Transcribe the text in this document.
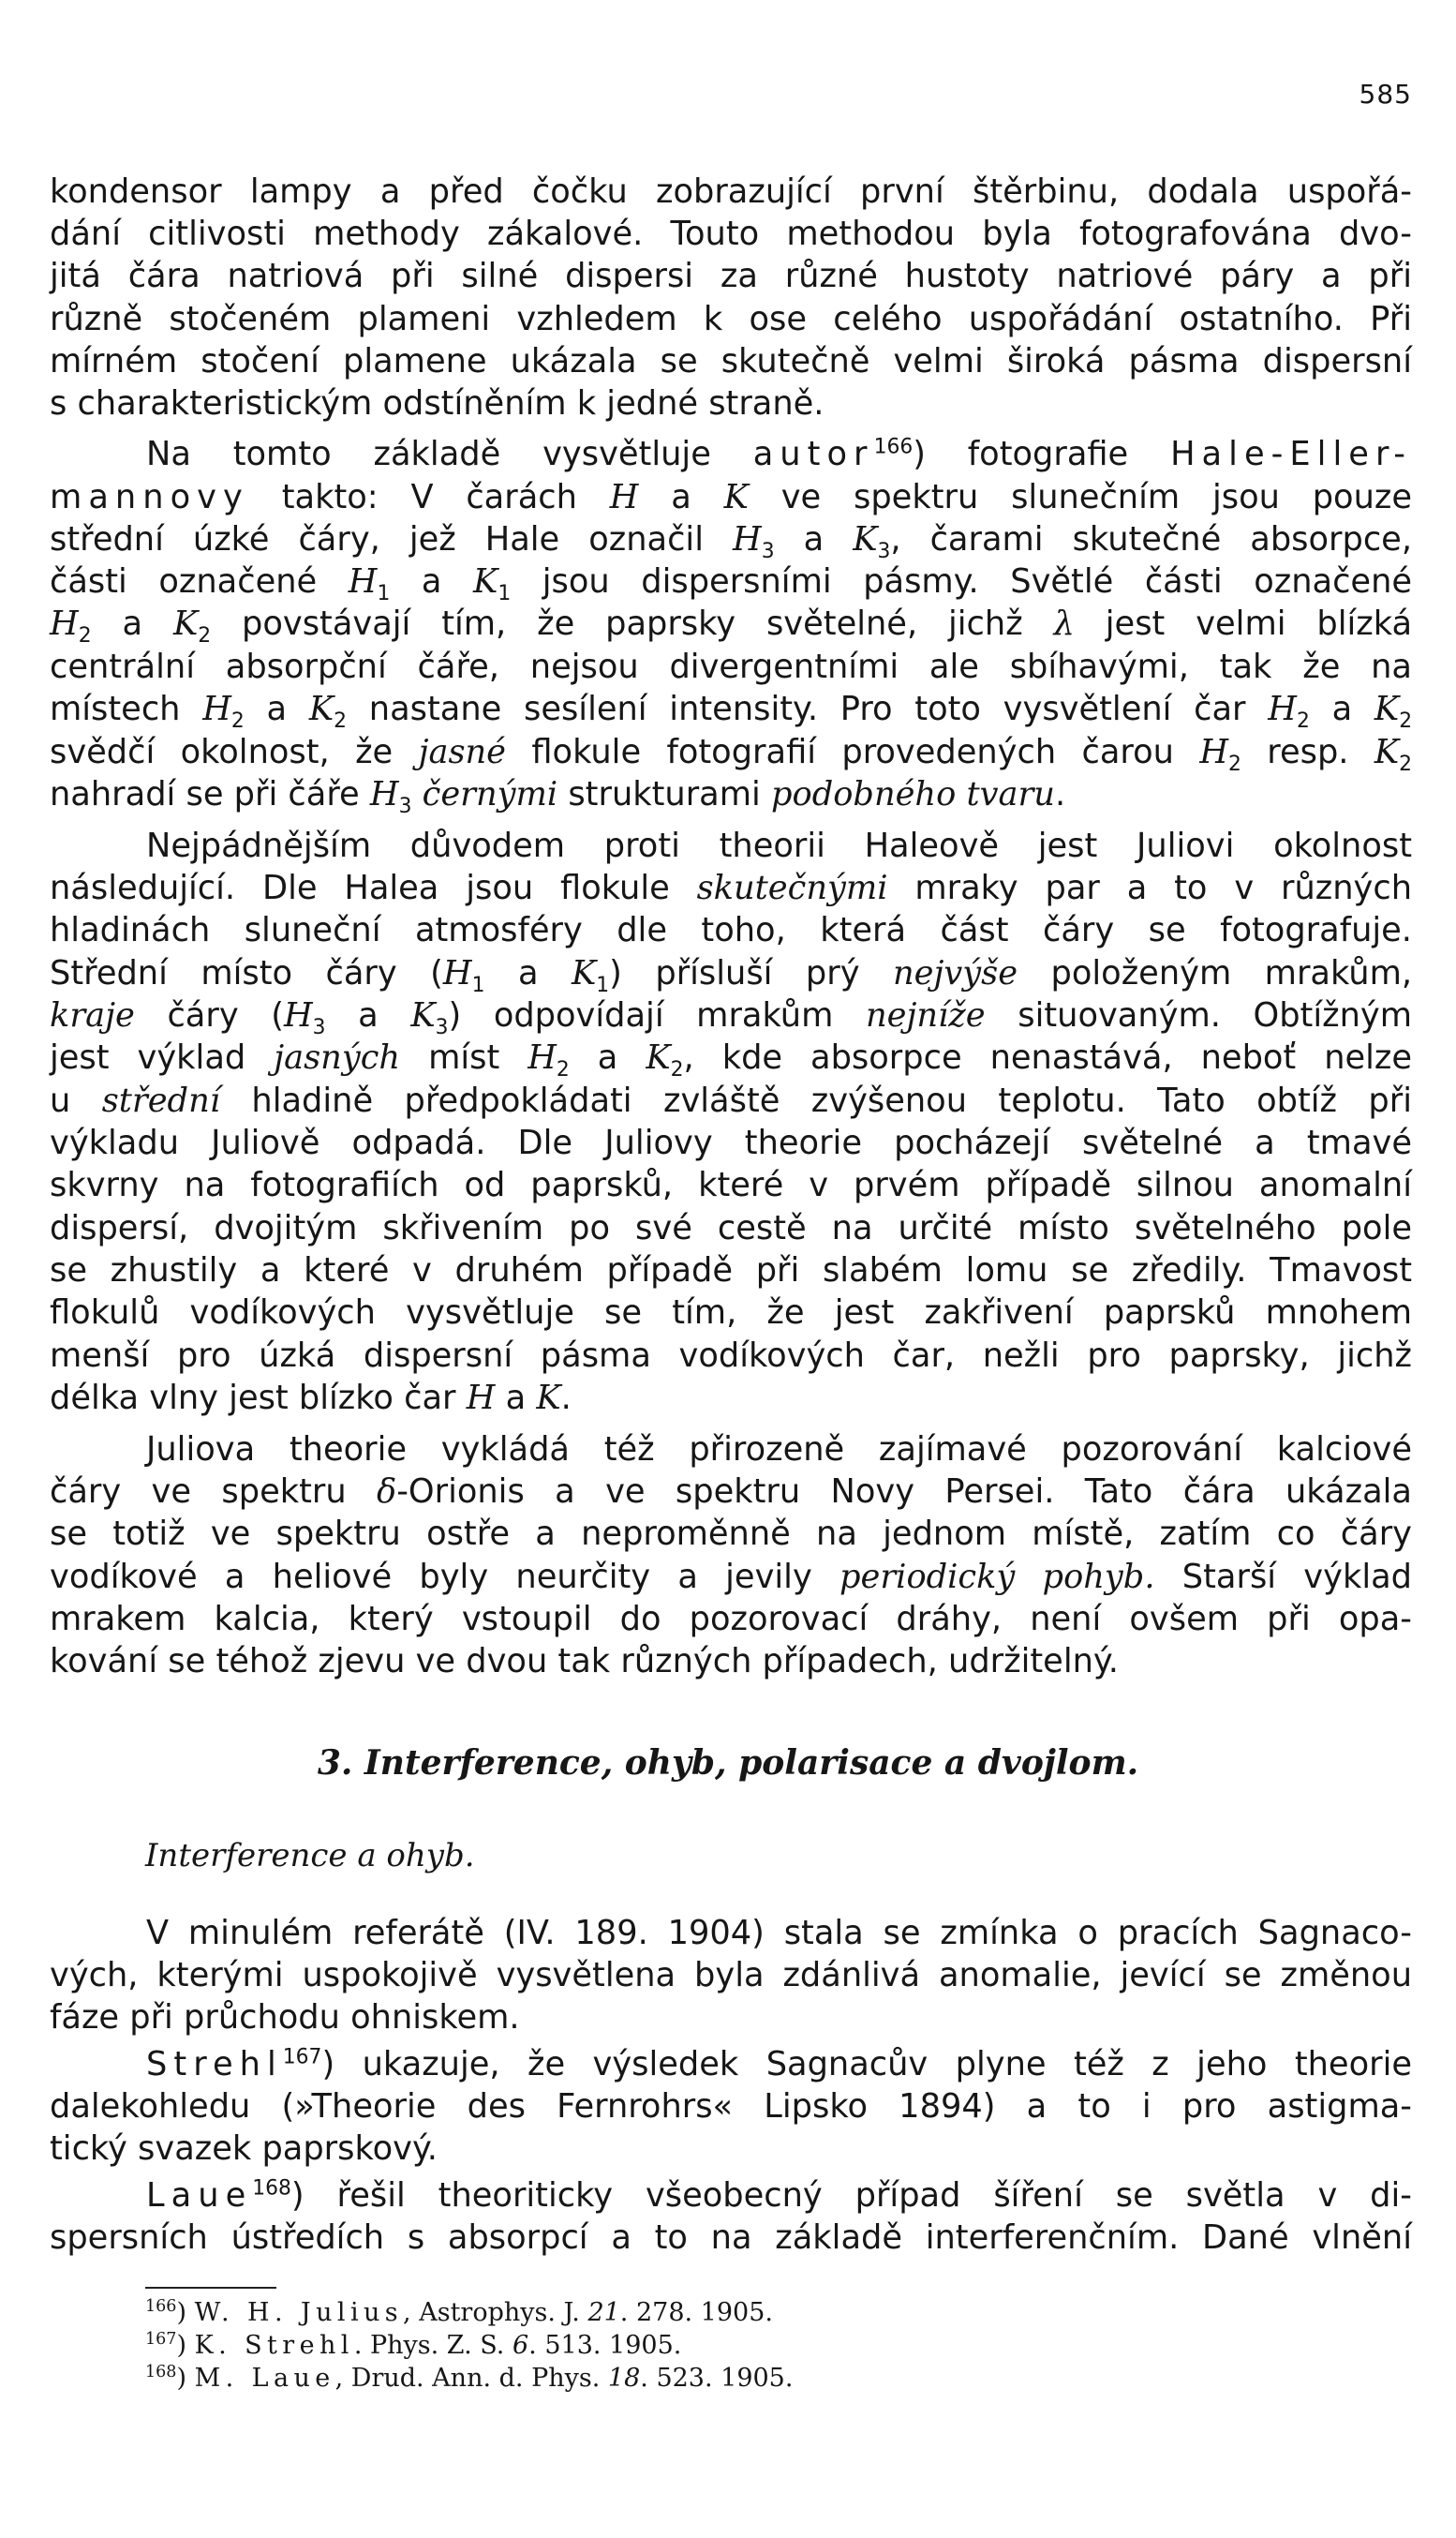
585
kondensor lampy a před čočku zobrazující první štěrbinu, dodala uspořá-
dání citlivosti methody zákalové. Touto methodou byla fotografována dvo-
jitá čára natriová při silné dispersi za různé hustoty natriové páry a při
různě stočeném plameni vzhledem k ose celého uspořádání ostatního. Při
mírném stočení plamene ukázala se skutečně velmi široká pásma dispersní
s charakteristickým odstíněním k jedné straně.
Na tomto základě vysvětluje autor$^{166}$) fotografie Hale-Eller-
mannovy takto: V čarách H a K ve spektru slunečním jsou pouze
střední úzké čáry, jež Hale označil $H_3$ a $K_3$, čarami skutečné absorpce,
části označené $H_1$ a $K_1$ jsou dispersními pásmy. Světlé části označené
$H_2$ a $K_2$ povstávají tím, že paprsky světelné, jichž λ jest velmi blízká
centrální absorpční čáře, nejsou divergentními ale sbíhavými, tak že na
místech $H_2$ a $K_2$ nastane sesílení intensity. Pro toto vysvětlení čar $H_2$ a $K_2$
svědčí okolnost, že jasné flokule fotografií provedených čarou $H_2$ resp. $K_2$
nahradí se při čáře $H_3$ černými strukturami podobného tvaru.
Nejpádnějším důvodem proti theorii Haleově jest Juliovi okolnost
následující. Dle Halea jsou flokule skutečnými mraky par a to v různých
hladinách sluneční atmosféry dle toho, která část čáry se fotografuje.
Střední místo čáry ($H_1$ a $K_1$) přísluší prý nejvýše položeným mrakům,
kraje čáry ($H_3$ a $K_3$) odpovídají mrakům nejníže situovaným. Obtížným
jest výklad jasných míst $H_2$ a $K_2$, kde absorpce nenastává, neboť nelze
u střední hladině předpokládati zvláště zvýšenou teplotu. Tato obtíž při
výkladu Juliově odpadá. Dle Juliovy theorie pocházejí světelné a tmavé
skvrny na fotografiích od paprsků, které v prvém případě silnou anomalní
dispersí, dvojitým skřivením po své cestě na určité místo světelného pole
se zhustily a které v druhém případě při slabém lomu se zředily. Tmavost
flokulů vodíkových vysvětluje se tím, že jest zakřivení paprsků mnohem
menší pro úzká dispersní pásma vodíkových čar, nežli pro paprsky, jichž
délka vlny jest blízko čar H a K.
Juliova theorie vykládá též přirozeně zajímavé pozorování kalciové
čáry ve spektru δ-Orionis a ve spektru Novy Persei. Tato čára ukázala
se totiž ve spektru ostře a neproměnně na jednom místě, zatím co čáry
vodíkové a heliové byly neurčity a jevily periodický pohyb. Starší výklad
mrakem kalcia, který vstoupil do pozorovací dráhy, není ovšem při opa-
kování se téhož zjevu ve dvou tak různých případech, udržitelný.
3. Interference, ohyb, polarisace a dvojlom.
Interference a ohyb.
V minulém referátě (IV. 189. 1904) stala se zmínka o pracích Sagnaco-
vých, kterými uspokojivě vysvětlena byla zdánlivá anomalie, jevící se změnou
fáze při průchodu ohniskem.
Strehl$^{167}$) ukazuje, že výsledek Sagnacův plyne též z jeho theorie
dalekohledu (»Theorie des Fernrohrs« Lipsko 1894) a to i pro astigma-
tický svazek paprskový.
Laue$^{168}$) řešil theoriticky všeobecný případ šíření se světla v di-
spersních ústředích s absorpcí a to na základě interferenčním. Dané vlnění
$^{166}$) W. H. Julius, Astrophys. J. 21. 278. 1905.
$^{167}$) K. Strehl. Phys. Z. S. 6. 513. 1905.
$^{168}$) M. Laue, Drud. Ann. d. Phys. 18. 523. 1905.
